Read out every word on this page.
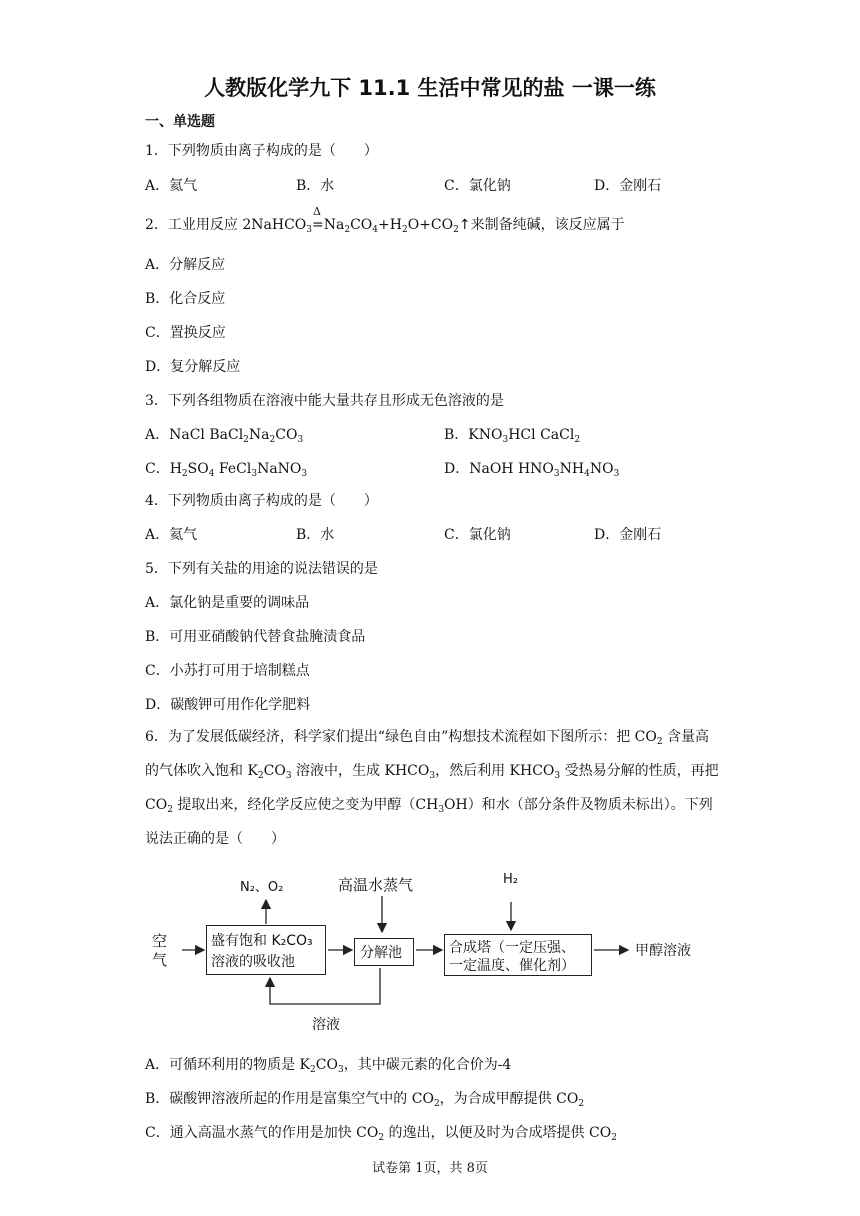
人教版化学九下 11.1 生活中常见的盐 一课一练
一、单选题
1．下列物质由离子构成的是（　　）
A．氦气	B．水	C．氯化钠	D．金刚石
2．工业用反应 2NaHCO$_3$
Δ
$=Na_2CO_4+H_2O+CO_2↑$来制备纯碱，该反应属于
A．分解反应
B．化合反应
C．置换反应
D．复分解反应
3．下列各组物质在溶液中能大量共存且形成无色溶液的是
A．NaCl $BaCl_2Na_2CO_3$	B．$KNO_3HCl$ CaCl$_2$
C．$H_2SO_4$ FeCl$_3$NaNO$_3$	D．NaOH $HNO_3NH_4NO_3$
4．下列物质由离子构成的是（　　）
A．氦气	B．水	C．氯化钠	D．金刚石
5．下列有关盐的用途的说法错误的是
A．氯化钠是重要的调味品
B．可用亚硝酸钠代替食盐腌渍食品
C．小苏打可用于培制糕点
D．碳酸钾可用作化学肥料
6．为了发展低碳经济，科学家们提出“绿色自由”构想技术流程如下图所示：把 $CO_2$ 含量高的气体吹入饱和 $K_2CO_3$ 溶液中，生成 $KHCO_3$，然后利用 $KHCO_3$ 受热易分解的性质，再把 $CO_2$ 提取出来，经化学反应使之变为甲醇$(CH_3OH)$和水（部分条件及物质未标出）。下列说法正确的是（　　）
空气
N₂、O₂	高温水蒸气	H₂
盛有饱和 K₂CO₃
溶液的吸收池
分解池	合成塔（一定压强、
一定温度、催化剂）
甲醇溶液
溶液
A．可循环利用的物质是 $K_2CO_3$，其中碳元素的化合价为-4
B．碳酸钾溶液所起的作用是富集空气中的 $CO_2$，为合成甲醇提供 $CO_2$
C．通入高温水蒸气的作用是加快 $CO_2$ 的逸出，以便及时为合成塔提供 $CO_2$
试卷第 1页，共 8页
